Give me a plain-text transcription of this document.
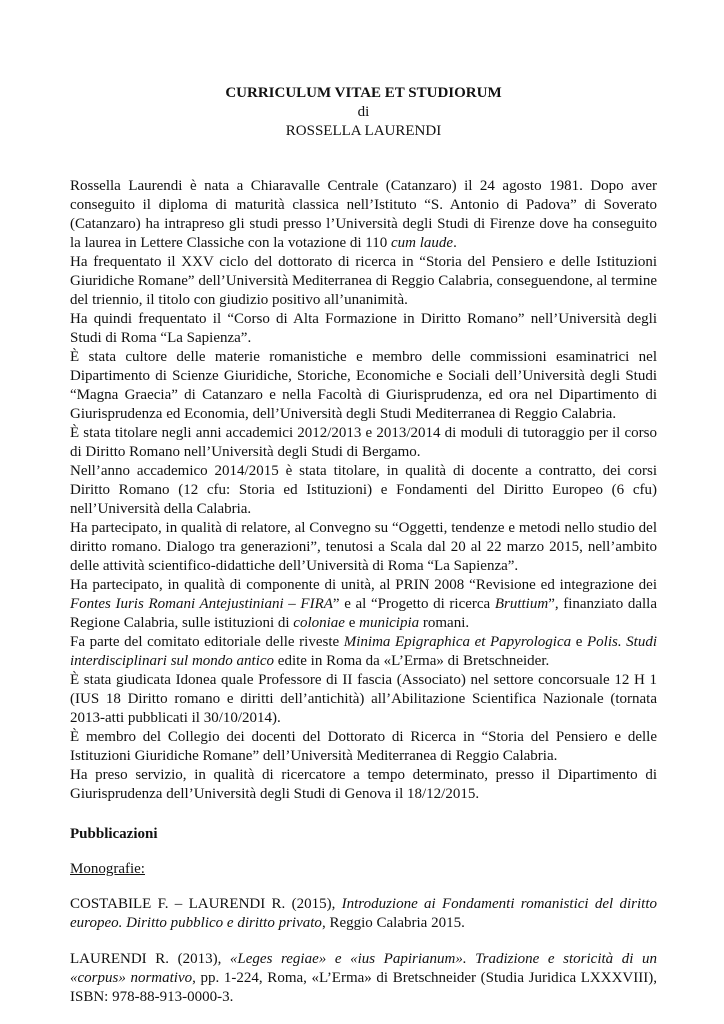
CURRICULUM VITAE ET STUDIORUM
di
ROSSELLA LAURENDI

Rossella Laurendi è nata a Chiaravalle Centrale (Catanzaro) il 24 agosto 1981. Dopo aver conseguito il diploma di maturità classica nell’Istituto “S. Antonio di Padova” di Soverato (Catanzaro) ha intrapreso gli studi presso l’Università degli Studi di Firenze dove ha conseguito la laurea in Lettere Classiche con la votazione di 110 cum laude.

Ha frequentato il XXV ciclo del dottorato di ricerca in “Storia del Pensiero e delle Istituzioni Giuridiche Romane” dell’Università Mediterranea di Reggio Calabria, conseguendone, al termine del triennio, il titolo con giudizio positivo all’unanimità.

Ha quindi frequentato il “Corso di Alta Formazione in Diritto Romano” nell’Università degli Studi di Roma “La Sapienza”.

È stata cultore delle materie romanistiche e membro delle commissioni esaminatrici nel Dipartimento di Scienze Giuridiche, Storiche, Economiche e Sociali dell’Università degli Studi “Magna Graecia” di Catanzaro e nella Facoltà di Giurisprudenza, ed ora nel Dipartimento di Giurisprudenza ed Economia, dell’Università degli Studi Mediterranea di Reggio Calabria.

È stata titolare negli anni accademici 2012/2013 e 2013/2014 di moduli di tutoraggio per il corso di Diritto Romano nell’Università degli Studi di Bergamo.

Nell’anno accademico 2014/2015 è stata titolare, in qualità di docente a contratto, dei corsi Diritto Romano (12 cfu: Storia ed Istituzioni) e Fondamenti del Diritto Europeo (6 cfu) nell’Università della Calabria.

Ha partecipato, in qualità di relatore, al Convegno su “Oggetti, tendenze e metodi nello studio del diritto romano. Dialogo tra generazioni”, tenutosi a Scala dal 20 al 22 marzo 2015, nell’ambito delle attività scientifico-didattiche dell’Università di Roma “La Sapienza”.

Ha partecipato, in qualità di componente di unità, al PRIN 2008 “Revisione ed integrazione dei Fontes Iuris Romani Antejustiniani – FIRA” e al “Progetto di ricerca Bruttium”, finanziato dalla Regione Calabria, sulle istituzioni di coloniae e municipia romani.

Fa parte del comitato editoriale delle riveste Minima Epigraphica et Papyrologica e Polis. Studi interdisciplinari sul mondo antico edite in Roma da «L’Erma» di Bretschneider.

È stata giudicata Idonea quale Professore di II fascia (Associato) nel settore concorsuale 12 H 1 (IUS 18 Diritto romano e diritti dell’antichità) all’Abilitazione Scientifica Nazionale (tornata 2013-atti pubblicati il 30/10/2014).

È membro del Collegio dei docenti del Dottorato di Ricerca in “Storia del Pensiero e delle Istituzioni Giuridiche Romane” dell’Università Mediterranea di Reggio Calabria.

Ha preso servizio, in qualità di ricercatore a tempo determinato, presso il Dipartimento di Giurisprudenza dell’Università degli Studi di Genova il 18/12/2015.

Pubblicazioni
Monografie:

COSTABILE F. – LAURENDI R. (2015), Introduzione ai Fondamenti romanistici del diritto europeo. Diritto pubblico e diritto privato, Reggio Calabria 2015.

LAURENDI R. (2013), «Leges regiae» e «ius Papirianum». Tradizione e storicità di un «corpus» normativo, pp. 1-224, Roma, «L’Erma» di Bretschneider (Studia Juridica LXXXVIII), ISBN: 978-88-913-0000-3.
